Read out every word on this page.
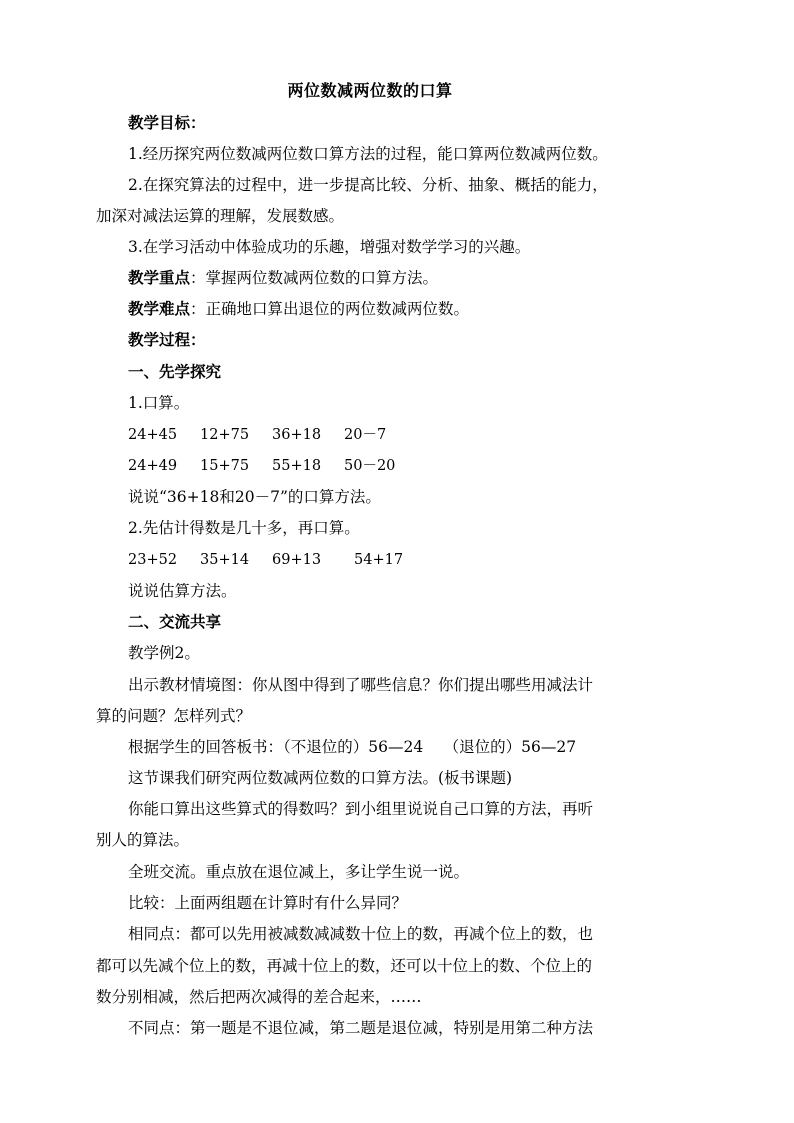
两位数减两位数的口算
教学目标：
1.经历探究两位数减两位数口算方法的过程，能口算两位数减两位数。
2.在探究算法的过程中，进一步提高比较、分析、抽象、概括的能力，
加深对减法运算的理解，发展数感。
3.在学习活动中体验成功的乐趣，增强对数学学习的兴趣。
教学重点：掌握两位数减两位数的口算方法。
教学难点：正确地口算出退位的两位数减两位数。
教学过程：
一、先学探究
1.口算。
24+45 12+75 36+18 20－7
24+49 15+75 55+18 50－20
说说“36+18和20－7”的口算方法。
2.先估计得数是几十多，再口算。
23+52 35+14 69+13 54+17
说说估算方法。
二、交流共享
教学例2。
出示教材情境图：你从图中得到了哪些信息？你们提出哪些用减法计
算的问题？怎样列式？
根据学生的回答板书：（不退位的）56—24　 （退位的）56—27
这节课我们研究两位数减两位数的口算方法。(板书课题)
你能口算出这些算式的得数吗？到小组里说说自己口算的方法，再听
别人的算法。
全班交流。重点放在退位减上，多让学生说一说。
比较：上面两组题在计算时有什么异同？
相同点：都可以先用被减数减减数十位上的数，再减个位上的数，也
都可以先减个位上的数，再减十位上的数，还可以十位上的数、个位上的
数分别相减，然后把两次减得的差合起来，……
不同点：第一题是不退位减，第二题是退位减，特别是用第二种方法
